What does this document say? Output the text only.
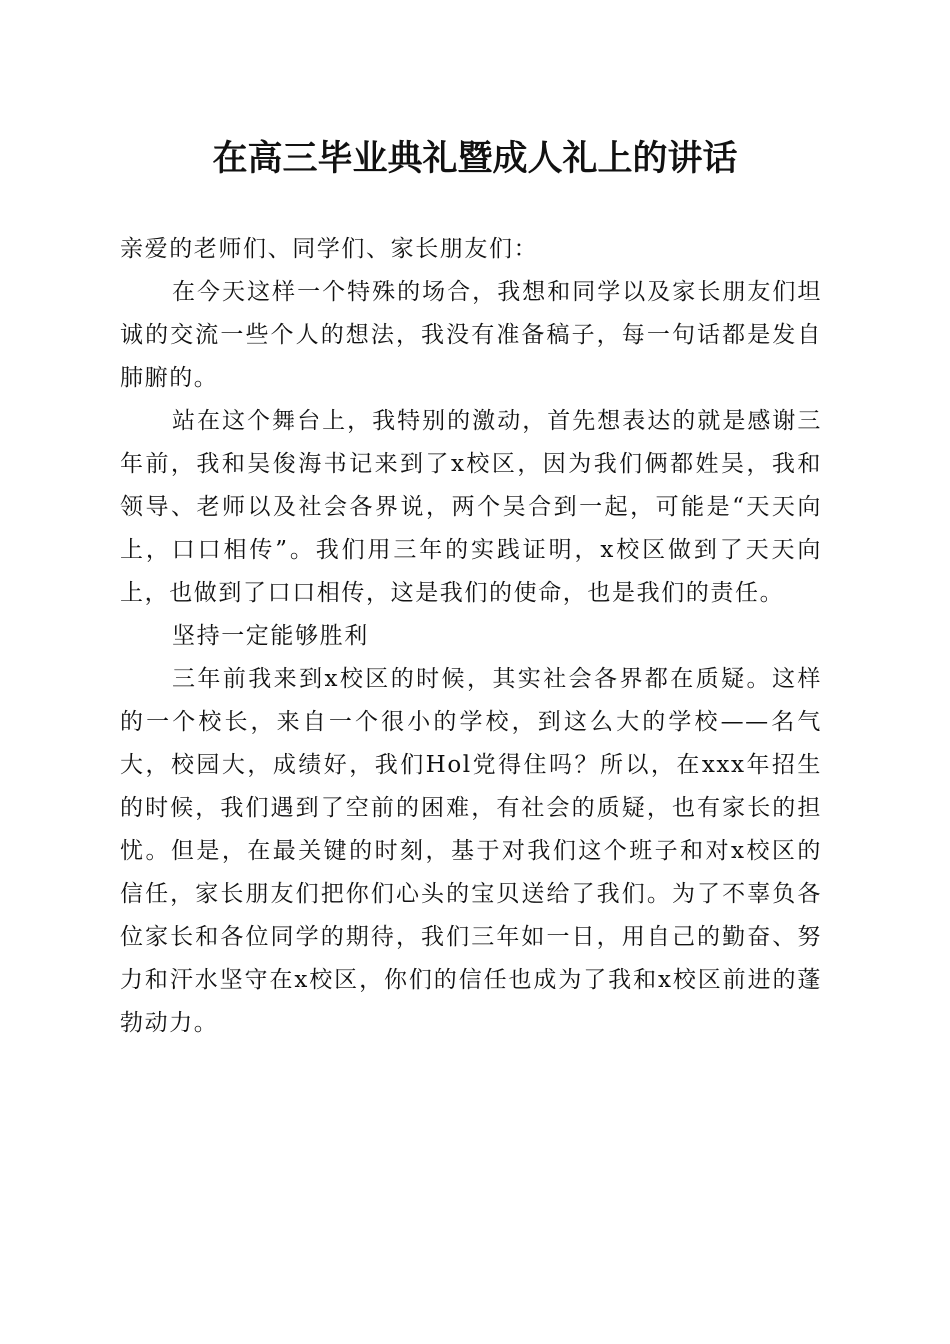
在高三毕业典礼暨成人礼上的讲话

亲爱的老师们、同学们、家长朋友们：

在今天这样一个特殊的场合，我想和同学以及家长朋友们坦诚的交流一些个人的想法，我没有准备稿子，每一句话都是发自肺腑的。

站在这个舞台上，我特别的激动，首先想表达的就是感谢三年前，我和吴俊海书记来到了x校区，因为我们俩都姓吴，我和领导、老师以及社会各界说，两个吴合到一起，可能是“天天向上，口口相传”。我们用三年的实践证明，x校区做到了天天向上，也做到了口口相传，这是我们的使命，也是我们的责任。

坚持一定能够胜利

三年前我来到x校区的时候，其实社会各界都在质疑。这样的一个校长，来自一个很小的学校，到这么大的学校——名气大，校园大，成绩好，我们Hol党得住吗？所以，在xxx年招生的时候，我们遇到了空前的困难，有社会的质疑，也有家长的担忧。但是，在最关键的时刻，基于对我们这个班子和对x校区的信任，家长朋友们把你们心头的宝贝送给了我们。为了不辜负各位家长和各位同学的期待，我们三年如一日，用自己的勤奋、努力和汗水坚守在x校区，你们的信任也成为了我和x校区前进的蓬勃动力。
